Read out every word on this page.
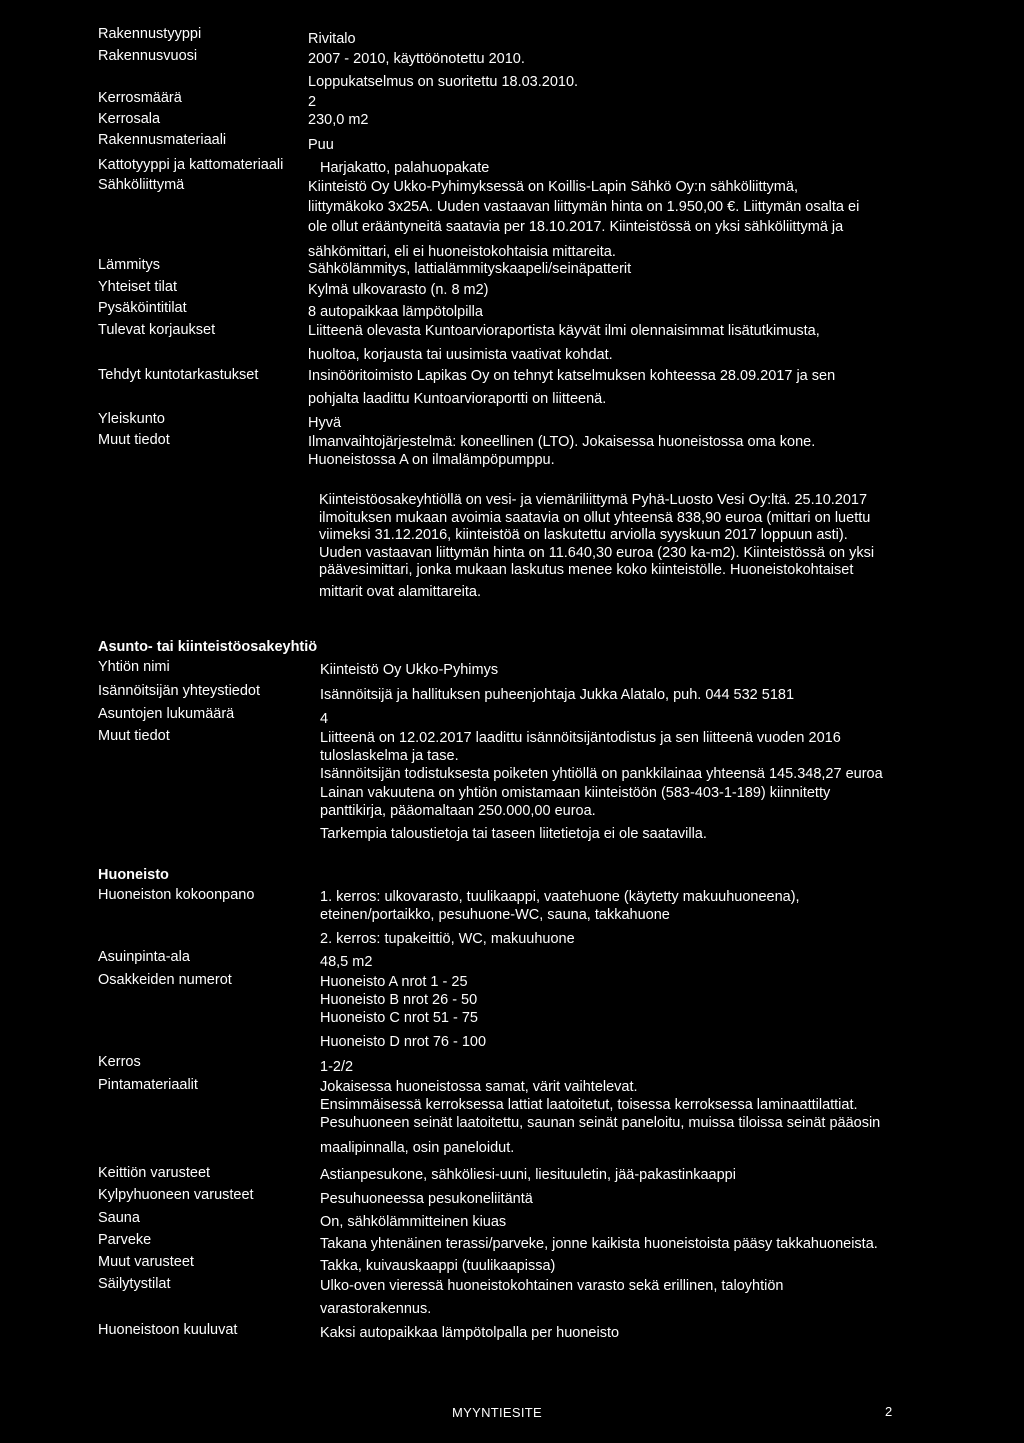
Rakennustyyppi	Rivitalo
Rakennusvuosi	2007 - 2010, käyttöönotettu 2010.
Loppukatselmus on suoritettu 18.03.2010.
Kerrosmäärä	2
Kerrosala	230,0 m2
Rakennusmateriaali	Puu
Kattotyyppi ja kattomateriaali	Harjakatto, palahuopakate
Sähköliittymä	Kiinteistö Oy Ukko-Pyhimyksessä on Koillis-Lapin Sähkö Oy:n sähköliittymä,
liittymäkoko 3x25A. Uuden vastaavan liittymän hinta on 1.950,00 €. Liittymän osalta ei
ole ollut erääntyneitä saatavia per 18.10.2017. Kiinteistössä on yksi sähköliittymä ja
sähkömittari, eli ei huoneistokohtaisia mittareita.
Lämmitys	Sähkölämmitys, lattialämmityskaapeli/seinäpatterit
Yhteiset tilat	Kylmä ulkovarasto (n. 8 m2)
Pysäköintitilat	8 autopaikkaa lämpötolpilla
Tulevat korjaukset	Liitteenä olevasta Kuntoarvioraportista käyvät ilmi olennaisimmat lisätutkimusta,
huoltoa, korjausta tai uusimista vaativat kohdat.
Tehdyt kuntotarkastukset	Insinööritoimisto Lapikas Oy on tehnyt katselmuksen kohteessa 28.09.2017 ja sen
pohjalta laadittu Kuntoarvioraportti on liitteenä.
Yleiskunto	Hyvä
Muut tiedot	Ilmanvaihtojärjestelmä: koneellinen (LTO). Jokaisessa huoneistossa oma kone.
Huoneistossa A on ilmalämpöpumppu.
Kiinteistöosakeyhtiöllä on vesi- ja viemäriliittymä Pyhä-Luosto Vesi Oy:ltä. 25.10.2017
ilmoituksen mukaan avoimia saatavia on ollut yhteensä 838,90 euroa (mittari on luettu
viimeksi 31.12.2016, kiinteistöä on laskutettu arviolla syyskuun 2017 loppuun asti).
Uuden vastaavan liittymän hinta on 11.640,30 euroa (230 ka-m2). Kiinteistössä on yksi
päävesimittari, jonka mukaan laskutus menee koko kiinteistölle. Huoneistokohtaiset
mittarit ovat alamittareita.
Asunto- tai kiinteistöosakeyhtiö
Yhtiön nimi	Kiinteistö Oy Ukko-Pyhimys
Isännöitsijän yhteystiedot	Isännöitsijä ja hallituksen puheenjohtaja Jukka Alatalo, puh. 044 532 5181
Asuntojen lukumäärä	4
Muut tiedot	Liitteenä on 12.02.2017 laadittu isännöitsijäntodistus ja sen liitteenä vuoden 2016
tuloslaskelma ja tase.
Isännöitsijän todistuksesta poiketen yhtiöllä on pankkilainaa yhteensä 145.348,27 euroa
Lainan vakuutena on yhtiön omistamaan kiinteistöön (583-403-1-189) kiinnitetty
panttikirja, pääomaltaan 250.000,00 euroa.
Tarkempia taloustietoja tai taseen liitetietoja ei ole saatavilla.
Huoneisto
Huoneiston kokoonpano	1. kerros: ulkovarasto, tuulikaappi, vaatehuone (käytetty makuuhuoneena),
eteinen/portaikko, pesuhuone-WC, sauna, takkahuone
2. kerros: tupakeittiö, WC, makuuhuone
Asuinpinta-ala	48,5 m2
Osakkeiden numerot	Huoneisto A nrot 1 - 25
Huoneisto B nrot 26 - 50
Huoneisto C nrot 51 - 75
Huoneisto D nrot 76 - 100
Kerros	1-2/2
Pintamateriaalit	Jokaisessa huoneistossa samat, värit vaihtelevat.
Ensimmäisessä kerroksessa lattiat laatoitetut, toisessa kerroksessa laminaattilattiat.
Pesuhuoneen seinät laatoitettu, saunan seinät paneloitu, muissa tiloissa seinät pääosin
maalipinnalla, osin paneloidut.
Keittiön varusteet	Astianpesukone, sähköliesi-uuni, liesituuletin, jää-pakastinkaappi
Kylpyhuoneen varusteet	Pesuhuoneessa pesukoneliitäntä
Sauna	On, sähkölämmitteinen kiuas
Parveke	Takana yhtenäinen terassi/parveke, jonne kaikista huoneistoista pääsy takkahuoneista.
Muut varusteet	Takka, kuivauskaappi (tuulikaapissa)
Säilytystilat	Ulko-oven vieressä huoneistokohtainen varasto sekä erillinen, taloyhtiön
varastorakennus.
Huoneistoon kuuluvat	Kaksi autopaikkaa lämpötolpalla per huoneisto
MYYNTIESITE	2
